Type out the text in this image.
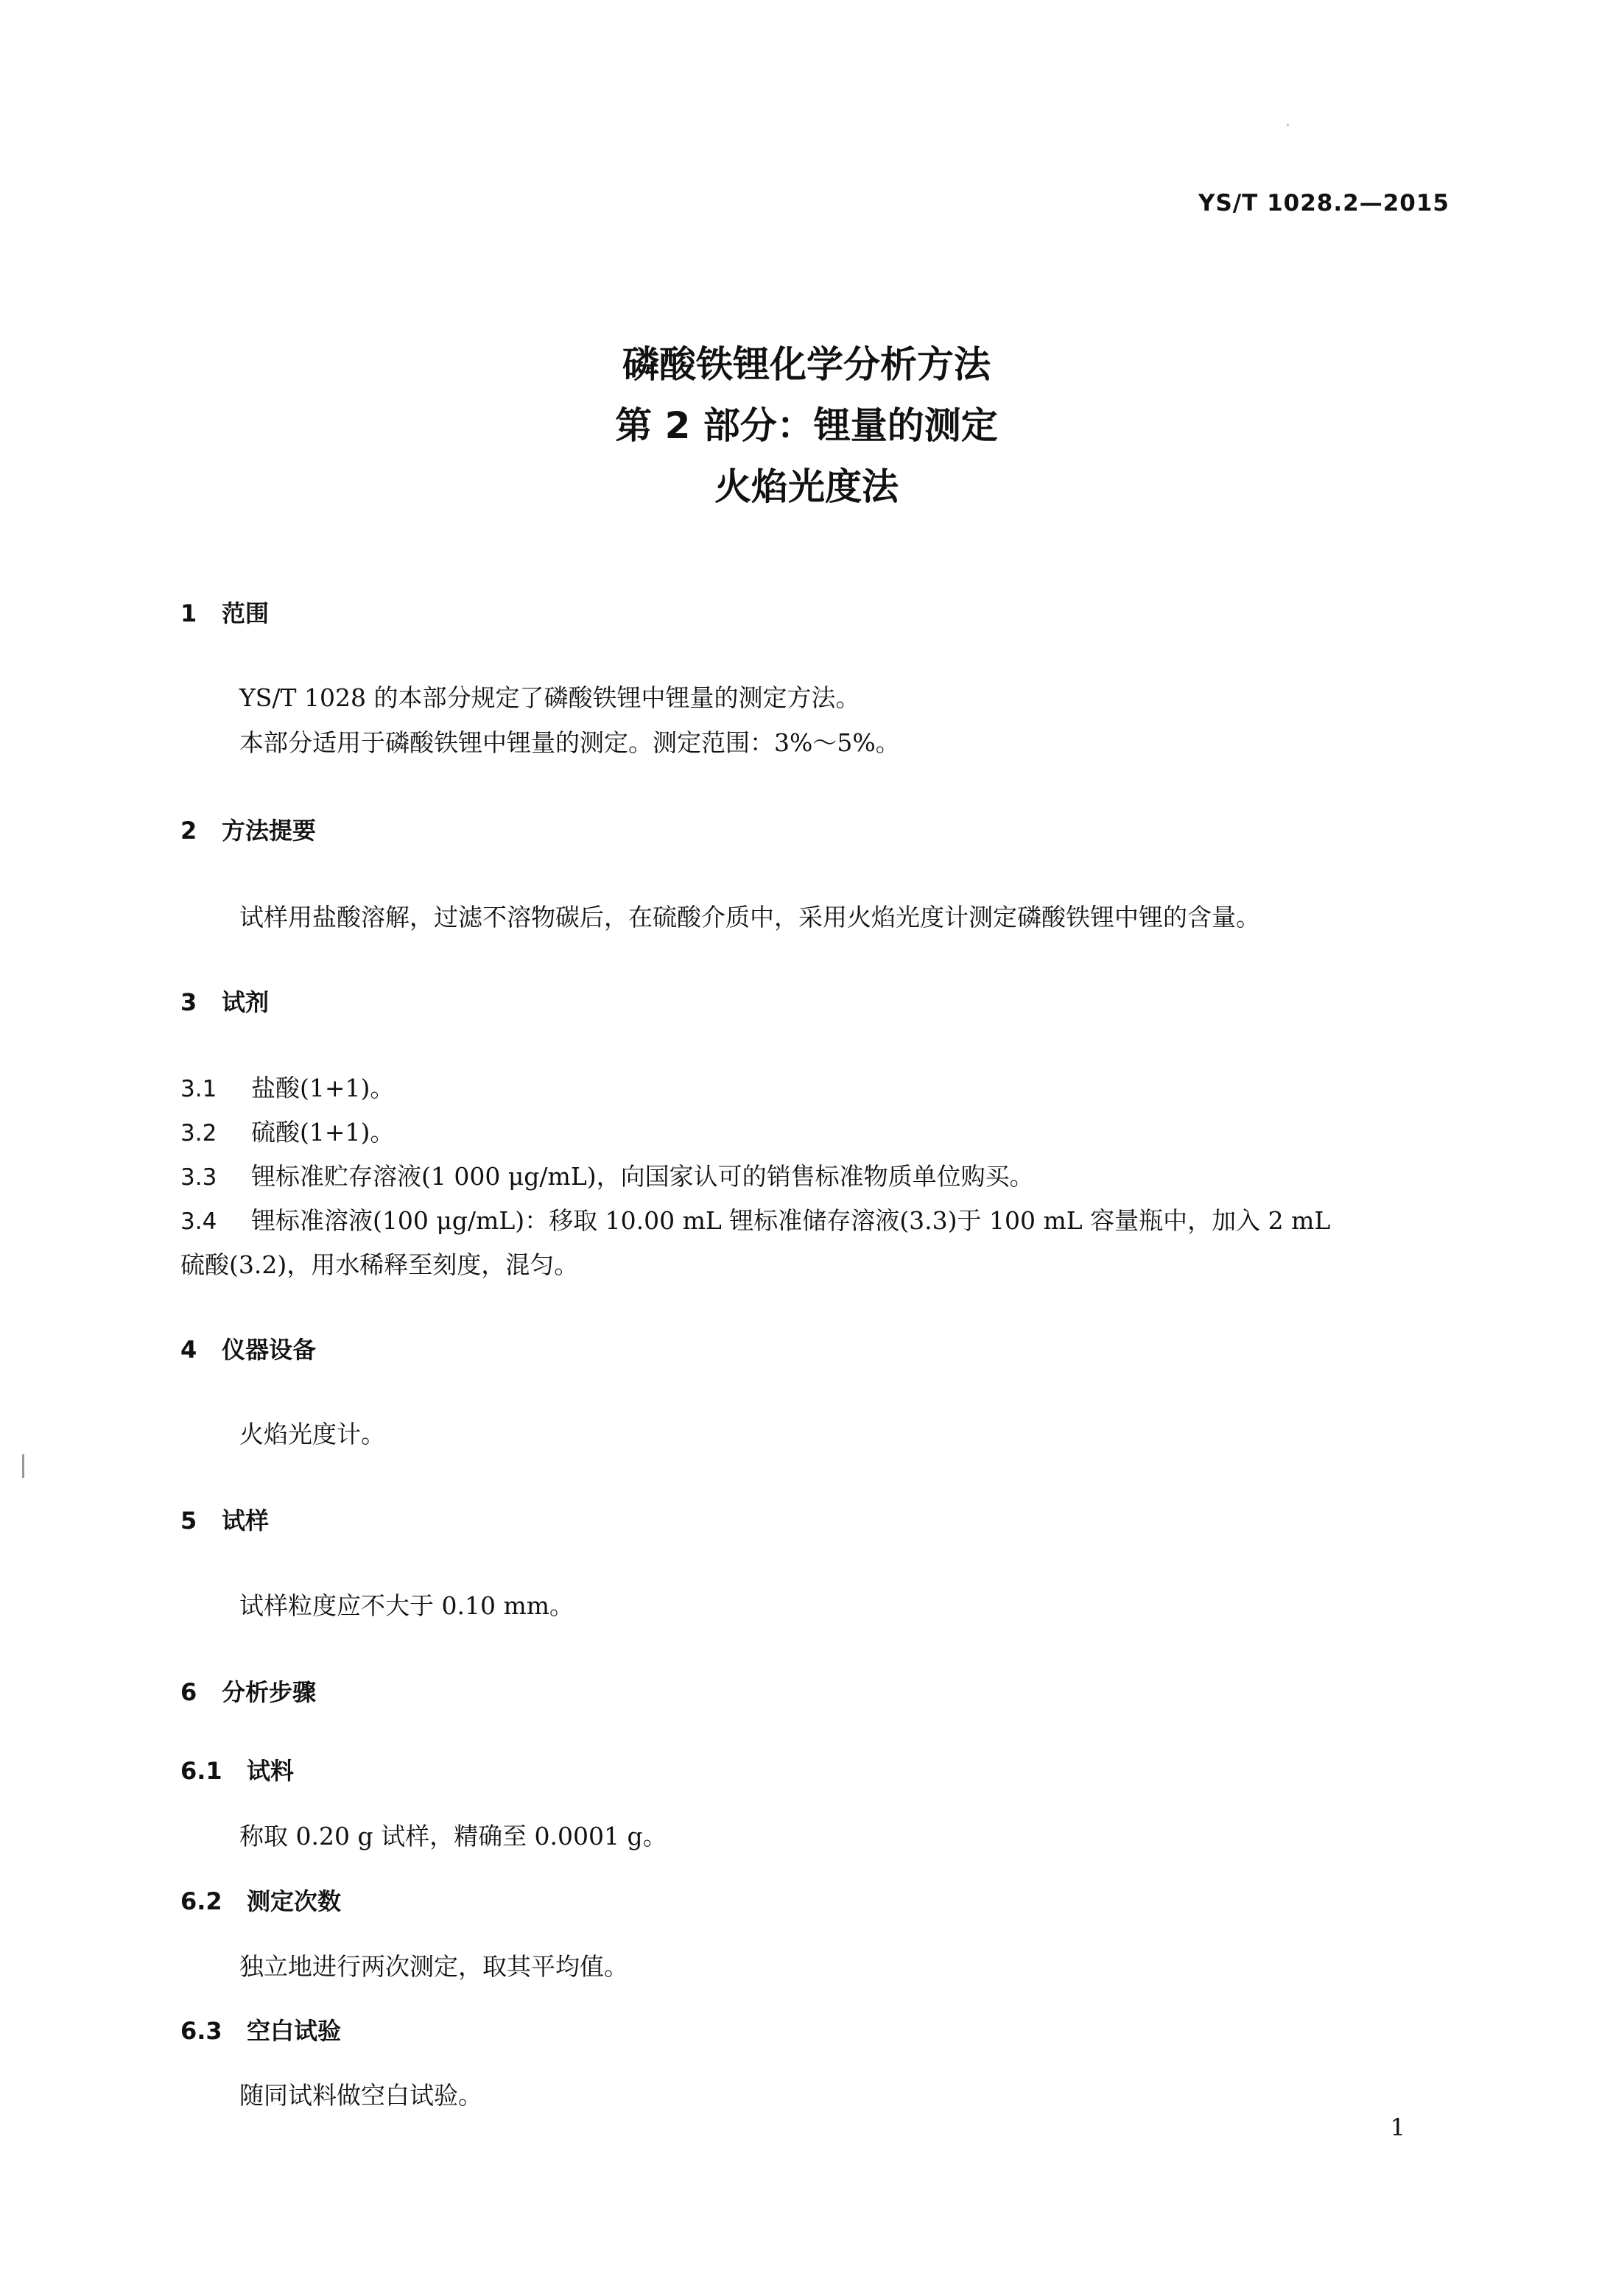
YS/T 1028.2—2015
磷酸铁锂化学分析方法
第 2 部分：锂量的测定
火焰光度法
1 范围
YS/T 1028 的本部分规定了磷酸铁锂中锂量的测定方法。
本部分适用于磷酸铁锂中锂量的测定。测定范围：3%～5%。
2 方法提要
试样用盐酸溶解，过滤不溶物碳后，在硫酸介质中，采用火焰光度计测定磷酸铁锂中锂的含量。
3 试剂
3.1 盐酸(1+1)。
3.2 硫酸(1+1)。
3.3 锂标准贮存溶液(1 000 μg/mL)，向国家认可的销售标准物质单位购买。
3.4 锂标准溶液(100 μg/mL)：移取 10.00 mL 锂标准储存溶液(3.3)于 100 mL 容量瓶中，加入 2 mL
硫酸(3.2)，用水稀释至刻度，混匀。
4 仪器设备
火焰光度计。
5 试样
试样粒度应不大于 0.10 mm。
6 分析步骤
6.1 试料
称取 0.20 g 试样，精确至 0.0001 g。
6.2 测定次数
独立地进行两次测定，取其平均值。
6.3 空白试验
随同试料做空白试验。
1
